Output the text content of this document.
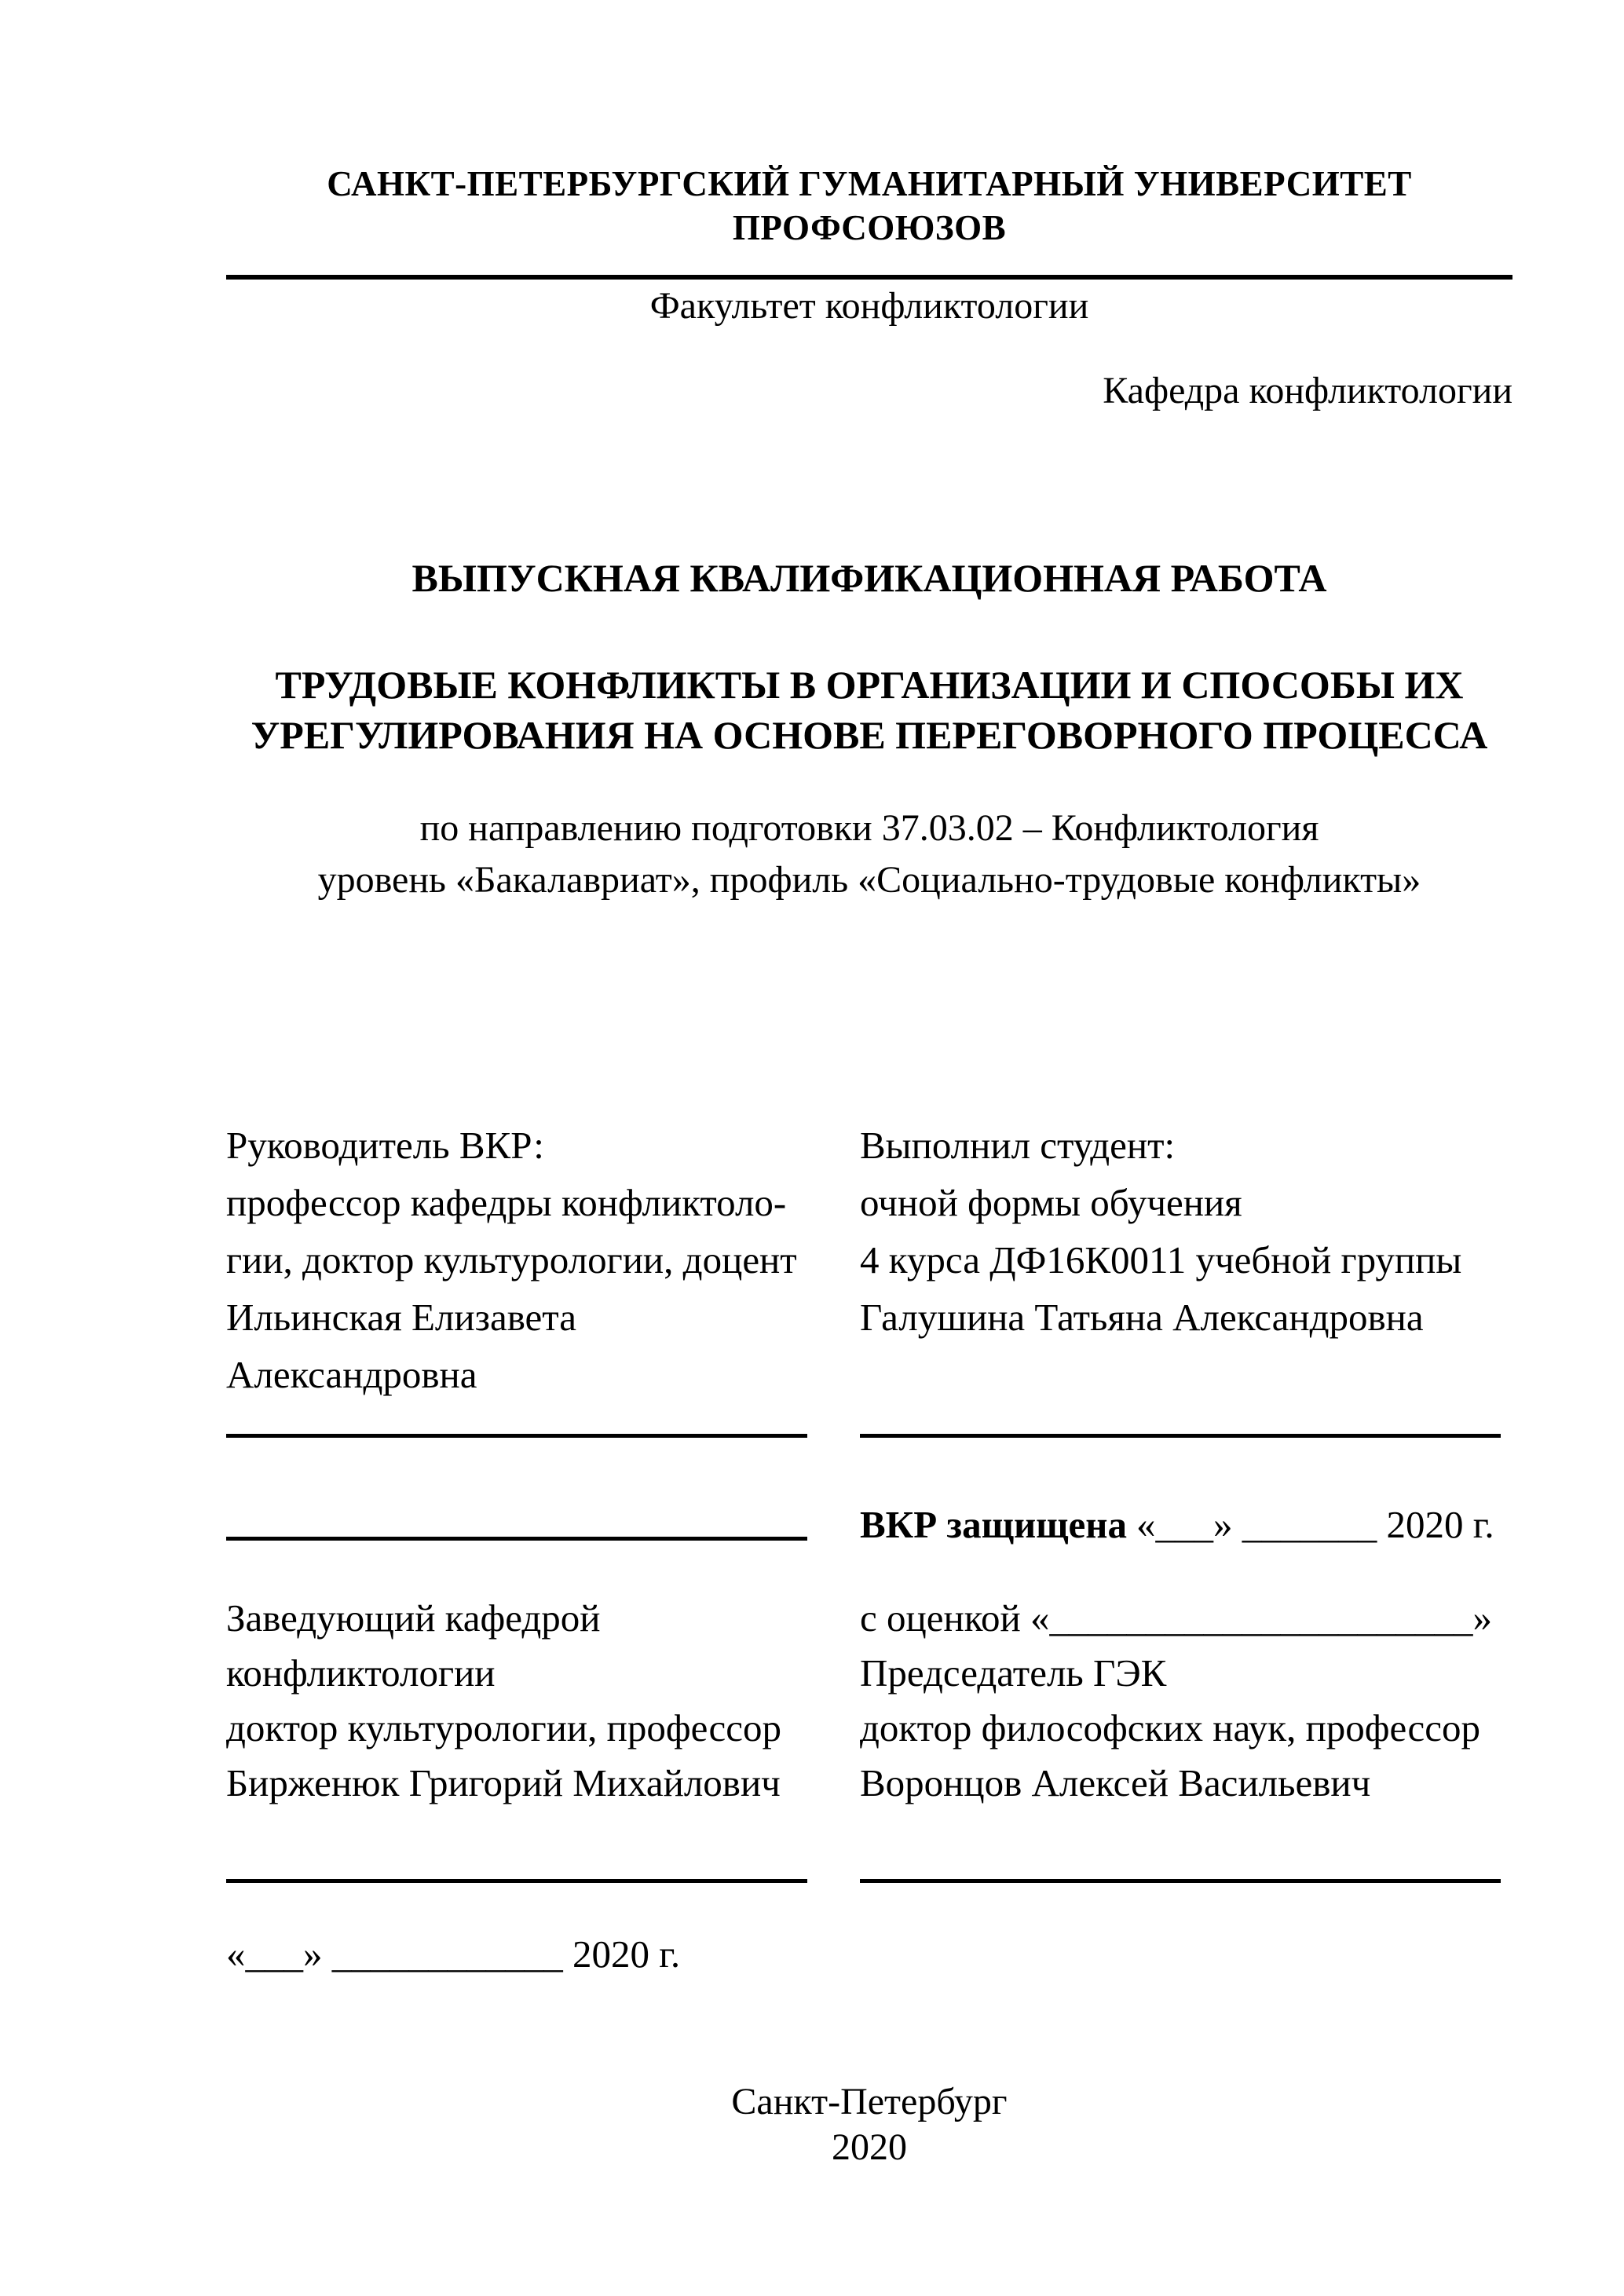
САНКТ-ПЕТЕРБУРГСКИЙ ГУМАНИТАРНЫЙ УНИВЕРСИТЕТ ПРОФСОЮЗОВ
Факультет конфликтологии
Кафедра конфликтологии
ВЫПУСКНАЯ КВАЛИФИКАЦИОННАЯ РАБОТА
ТРУДОВЫЕ КОНФЛИКТЫ В ОРГАНИЗАЦИИ И СПОСОБЫ ИХ
УРЕГУЛИРОВАНИЯ НА ОСНОВЕ ПЕРЕГОВОРНОГО ПРОЦЕССА
по направлению подготовки 37.03.02 – Конфликтология
уровень «Бакалавриат», профиль «Социально-трудовые конфликты»
Руководитель ВКР:
профессор кафедры конфликтоло-
гии, доктор культурологии, доцент
Ильинская Елизавета
Александровна
Выполнил студент:
очной формы обучения
4 курса ДФ16К0011 учебной группы
Галушина Татьяна Александровна
ВКР защищена «___» _______ 2020 г.
Заведующий кафедрой
конфликтологии
доктор культурологии, профессор
Бирженюк Григорий Михайлович
с оценкой «______________________»
Председатель ГЭК
доктор философских наук, профессор
Воронцов Алексей Васильевич
«___» ____________ 2020 г.
Санкт-Петербург
2020
